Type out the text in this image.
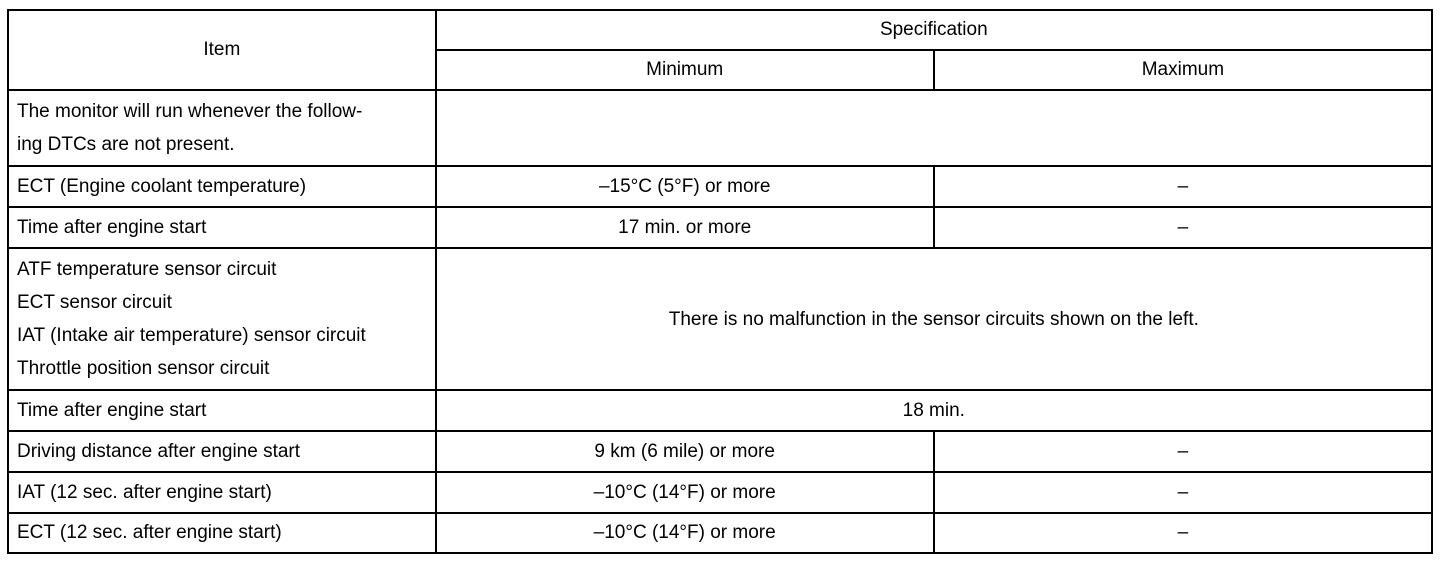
Item	Specification	
	Minimum	Maximum

The monitor will run whenever the follow-
ing DTCs are not present.		

ECT (Engine coolant temperature)	–15°C (5°F) or more	–
Time after engine start	17 min. or more	–

ATF temperature sensor circuit
ECT sensor circuit
IAT (Intake air temperature) sensor circuit
Throttle position sensor circuit	There is no malfunction in the sensor circuits shown on the left.	
Time after engine start	18 min.	
Driving distance after engine start	9 km (6 mile) or more	–
IAT (12 sec. after engine start)	–10°C (14°F) or more	–
ECT (12 sec. after engine start)	–10°C (14°F) or more	–
